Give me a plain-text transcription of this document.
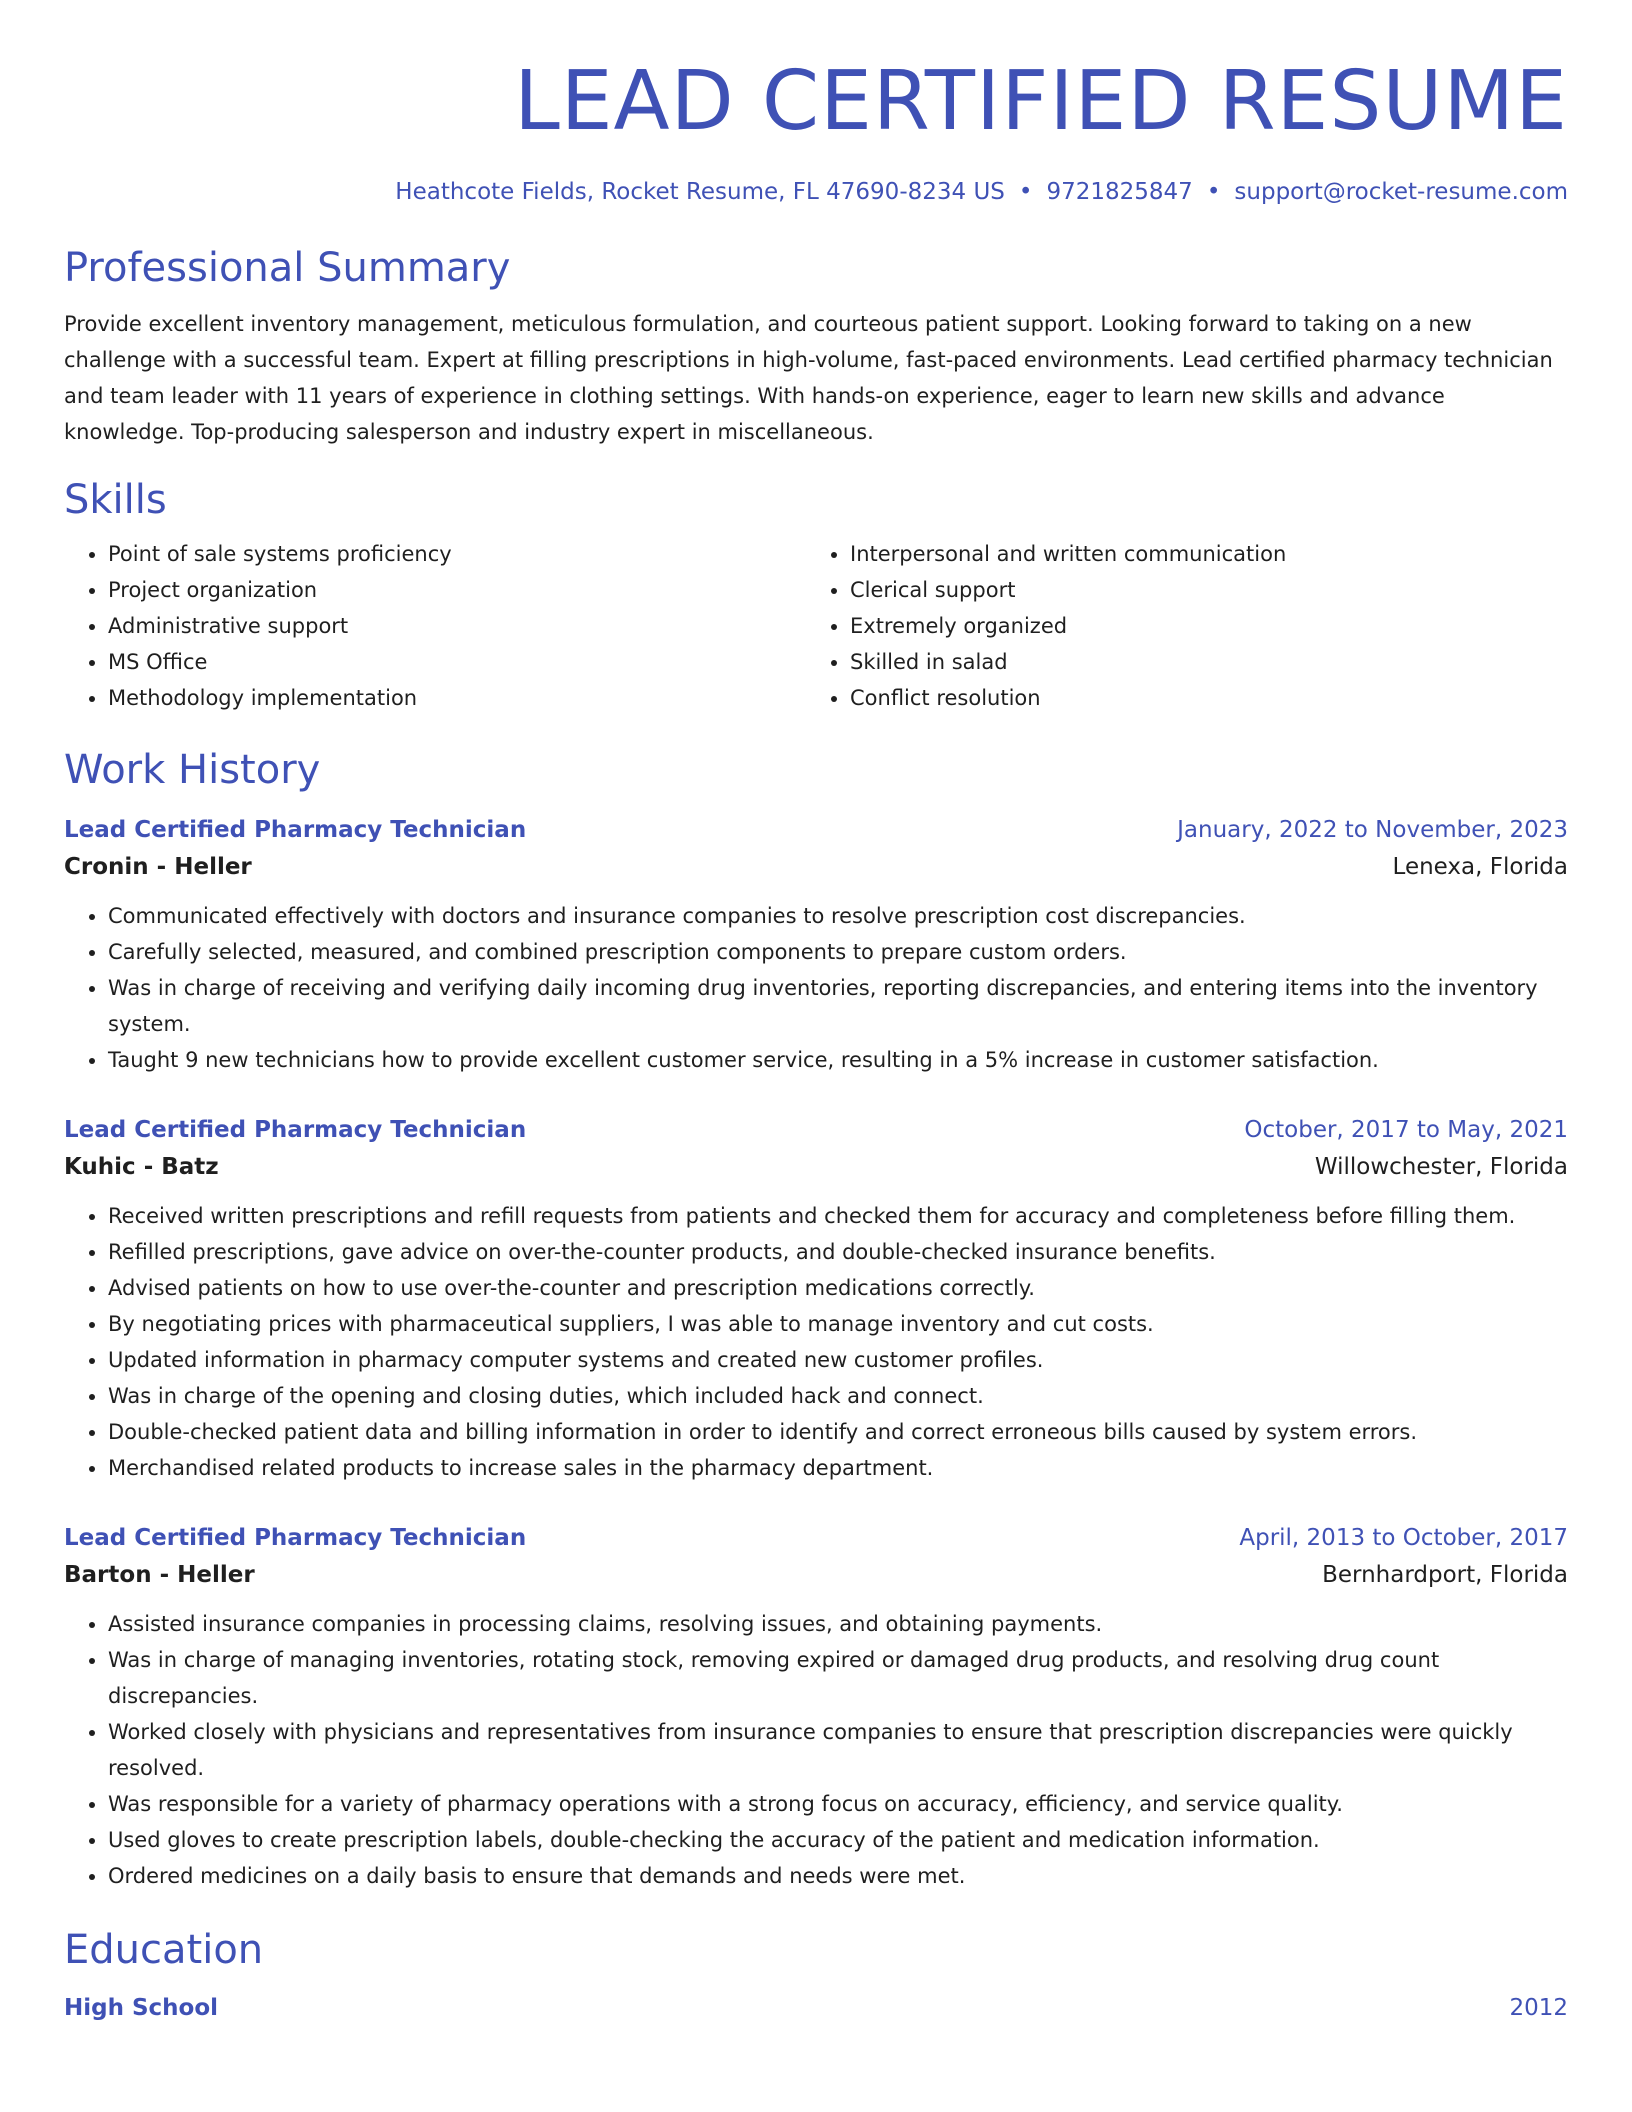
LEAD CERTIFIED RESUME
Heathcote Fields, Rocket Resume, FL 47690-8234 US • 9721825847 • support@rocket-resume.com
Professional Summary
Provide excellent inventory management, meticulous formulation, and courteous patient support. Looking forward to taking on a new challenge with a successful team. Expert at filling prescriptions in high-volume, fast-paced environments. Lead certified pharmacy technician and team leader with 11 years of experience in clothing settings. With hands-on experience, eager to learn new skills and advance knowledge. Top-producing salesperson and industry expert in miscellaneous.
Skills
• Point of sale systems proficiency
• Project organization
• Administrative support
• MS Office
• Methodology implementation
• Interpersonal and written communication
• Clerical support
• Extremely organized
• Skilled in salad
• Conflict resolution
Work History
Lead Certified Pharmacy Technician	January, 2022 to November, 2023
Cronin - Heller	Lenexa, Florida
• Communicated effectively with doctors and insurance companies to resolve prescription cost discrepancies.
• Carefully selected, measured, and combined prescription components to prepare custom orders.
• Was in charge of receiving and verifying daily incoming drug inventories, reporting discrepancies, and entering items into the inventory system.
• Taught 9 new technicians how to provide excellent customer service, resulting in a 5% increase in customer satisfaction.
Lead Certified Pharmacy Technician	October, 2017 to May, 2021
Kuhic - Batz	Willowchester, Florida
• Received written prescriptions and refill requests from patients and checked them for accuracy and completeness before filling them.
• Refilled prescriptions, gave advice on over-the-counter products, and double-checked insurance benefits.
• Advised patients on how to use over-the-counter and prescription medications correctly.
• By negotiating prices with pharmaceutical suppliers, I was able to manage inventory and cut costs.
• Updated information in pharmacy computer systems and created new customer profiles.
• Was in charge of the opening and closing duties, which included hack and connect.
• Double-checked patient data and billing information in order to identify and correct erroneous bills caused by system errors.
• Merchandised related products to increase sales in the pharmacy department.
Lead Certified Pharmacy Technician	April, 2013 to October, 2017
Barton - Heller	Bernhardport, Florida
• Assisted insurance companies in processing claims, resolving issues, and obtaining payments.
• Was in charge of managing inventories, rotating stock, removing expired or damaged drug products, and resolving drug count discrepancies.
• Worked closely with physicians and representatives from insurance companies to ensure that prescription discrepancies were quickly resolved.
• Was responsible for a variety of pharmacy operations with a strong focus on accuracy, efficiency, and service quality.
• Used gloves to create prescription labels, double-checking the accuracy of the patient and medication information.
• Ordered medicines on a daily basis to ensure that demands and needs were met.
Education
High School	2012
